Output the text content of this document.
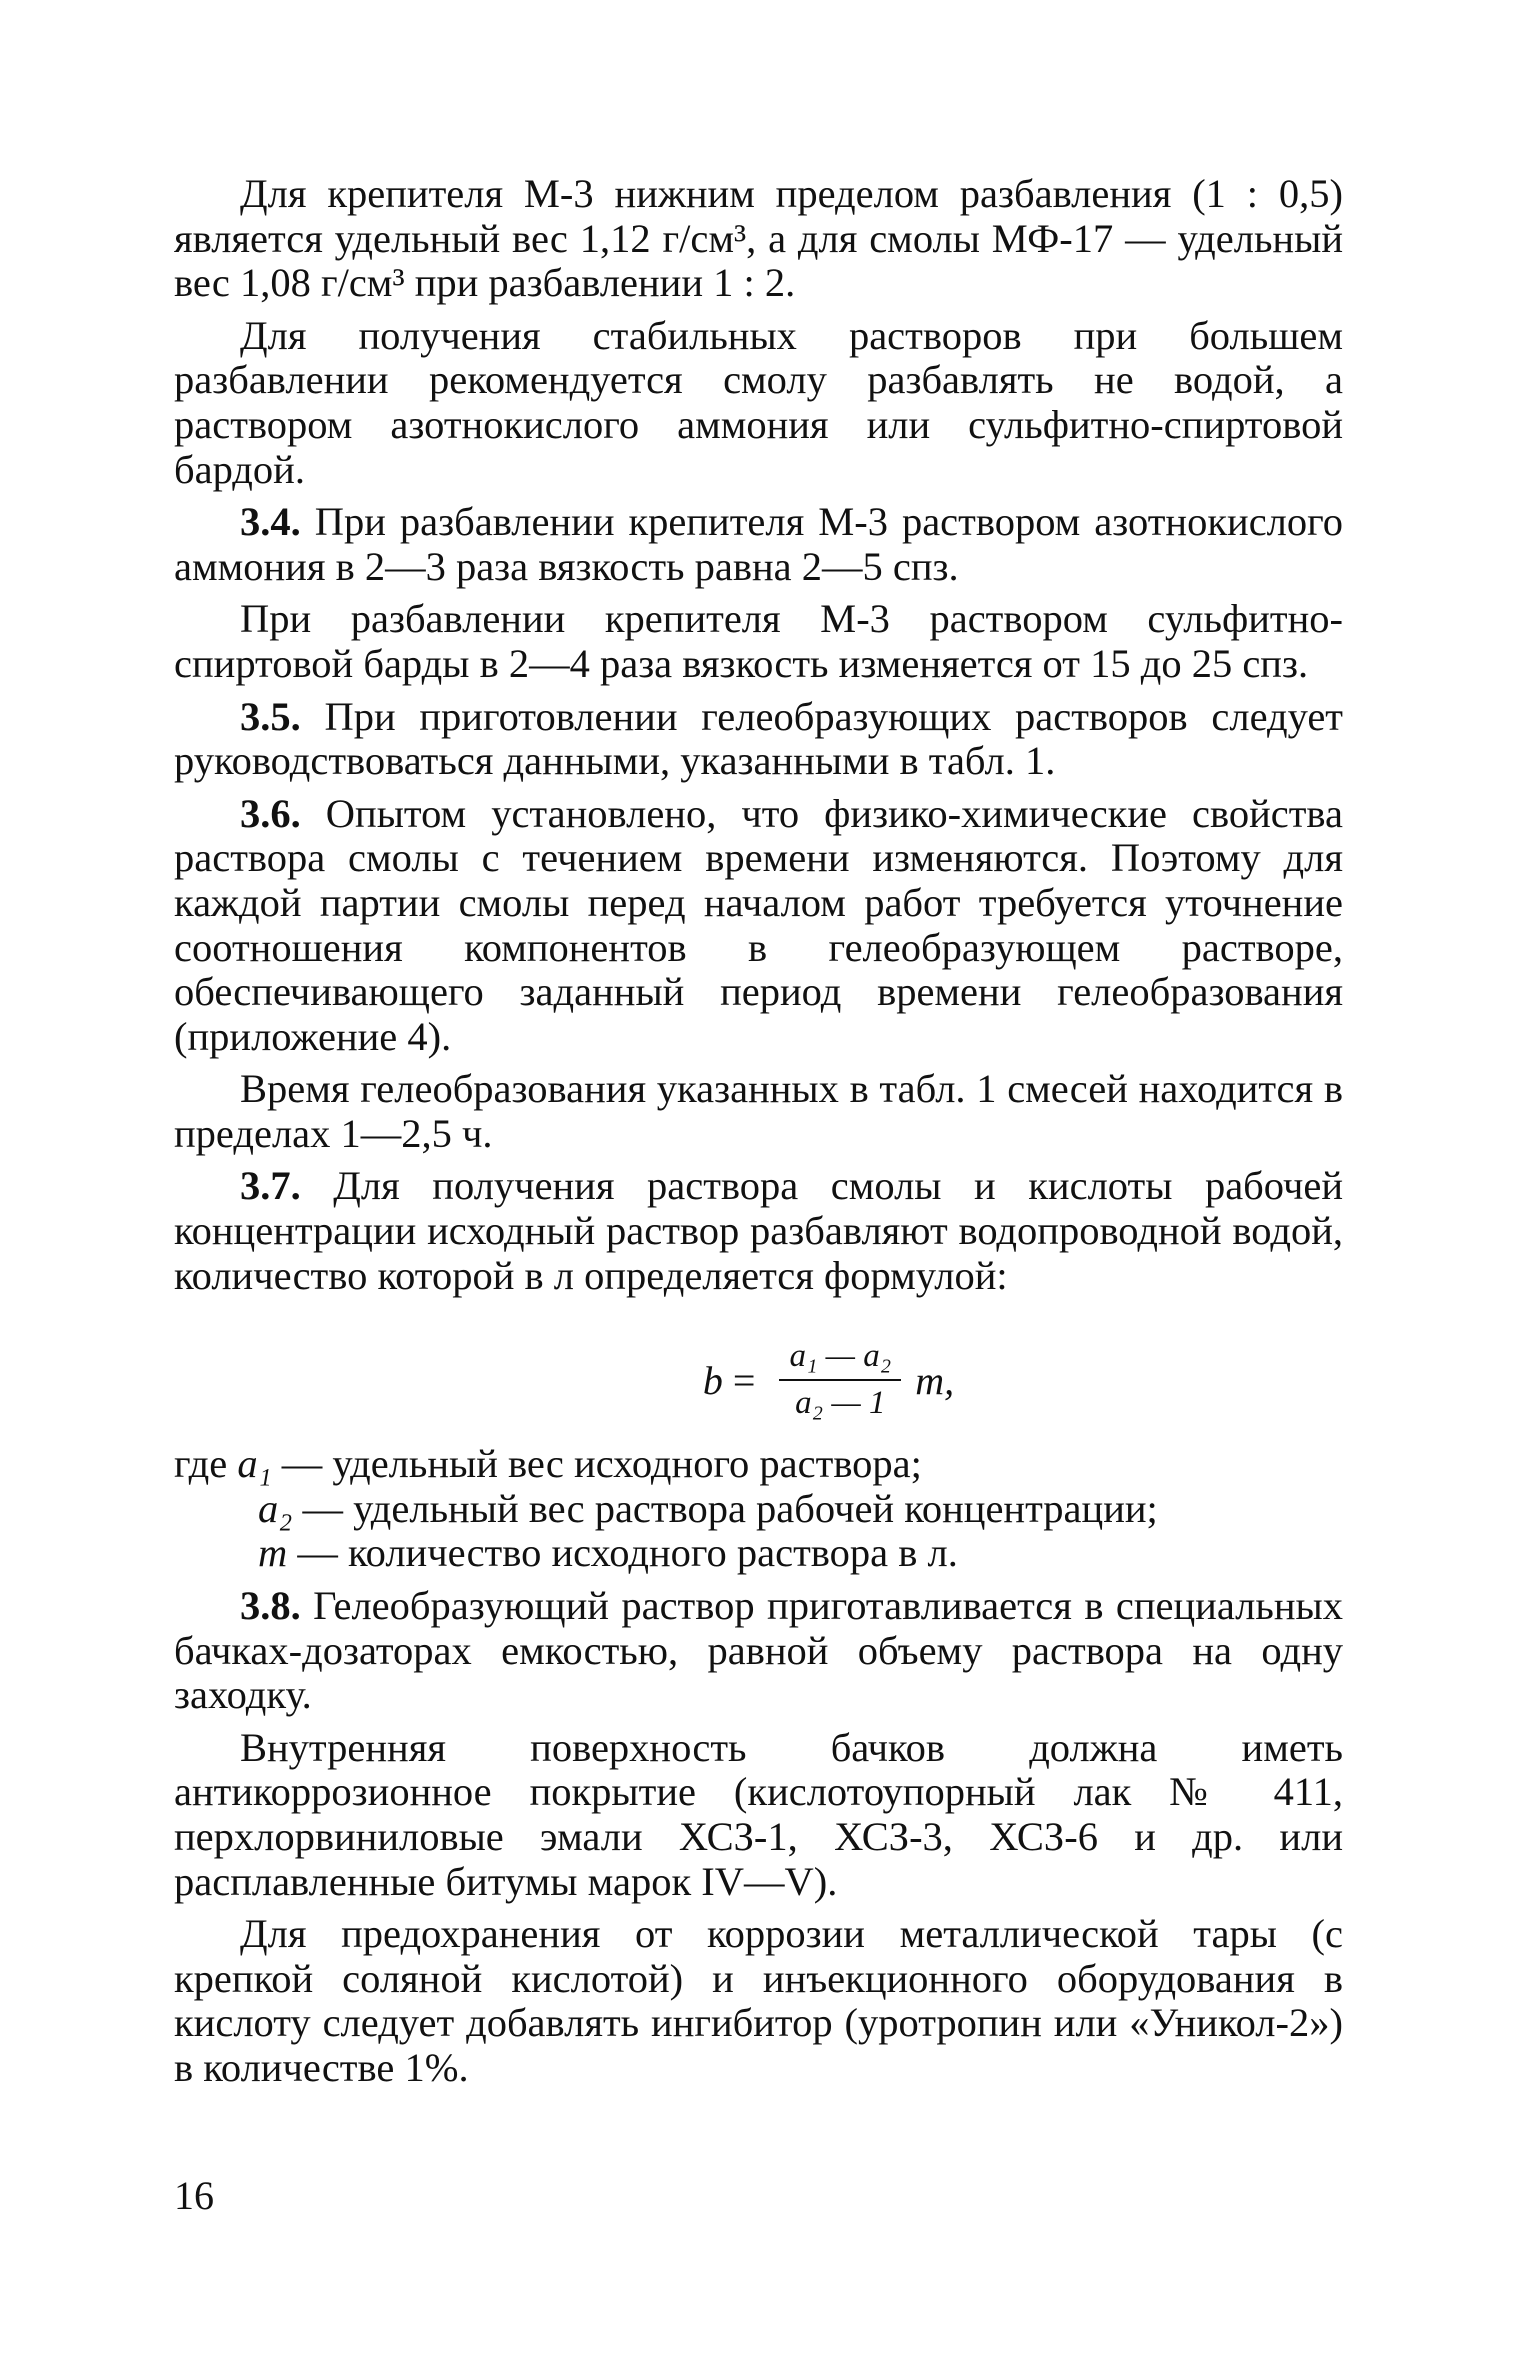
Для крепителя М-3 нижним пределом разбавления (1 : 0,5) является удельный вес 1,12 г/см³, а для смолы МФ-17 — удельный вес 1,08 г/см³ при разбавлении 1 : 2.

Для получения стабильных растворов при большем разбавлении рекомендуется смолу разбавлять не водой, а раствором азотнокислого аммония или сульфитно-спиртовой бардой.

3.4. При разбавлении крепителя М-3 раствором азотнокислого аммония в 2—3 раза вязкость равна 2—5 спз.

При разбавлении крепителя М-3 раствором сульфитно-спиртовой барды в 2—4 раза вязкость изменяется от 15 до 25 спз.

3.5. При приготовлении гелеобразующих растворов следует руководствоваться данными, указанными в табл. 1.

3.6. Опытом установлено, что физико-химические свойства раствора смолы с течением времени изменяются. Поэтому для каждой партии смолы перед началом работ требуется уточнение соотношения компонентов в гелеобразующем растворе, обеспечивающего заданный период времени гелеобразования (приложение 4).

Время гелеобразования указанных в табл. 1 смесей находится в пределах 1—2,5 ч.

3.7. Для получения раствора смолы и кислоты рабочей концентрации исходный раствор разбавляют водопроводной водой, количество которой в л определяется формулой:

$b = \frac{\text{a₁ — a₂}}{\text{a₂ — 1}} m$,
где a₁ — удельный вес исходного раствора;
a₂ — удельный вес раствора рабочей концентрации;
m — количество исходного раствора в л.

3.8. Гелеобразующий раствор приготавливается в специальных бачках-дозаторах емкостью, равной объему раствора на одну заходку.

Внутренняя поверхность бачков должна иметь антикоррозионное покрытие (кислотоупорный лак № 411, перхлорвиниловые эмали ХСЗ-1, ХСЗ-3, ХСЗ-6 и др. или расплавленные битумы марок IV—V).

Для предохранения от коррозии металлической тары (с крепкой соляной кислотой) и инъекционного оборудования в кислоту следует добавлять ингибитор (уротропин или «Уникол-2») в количестве 1%.

16
